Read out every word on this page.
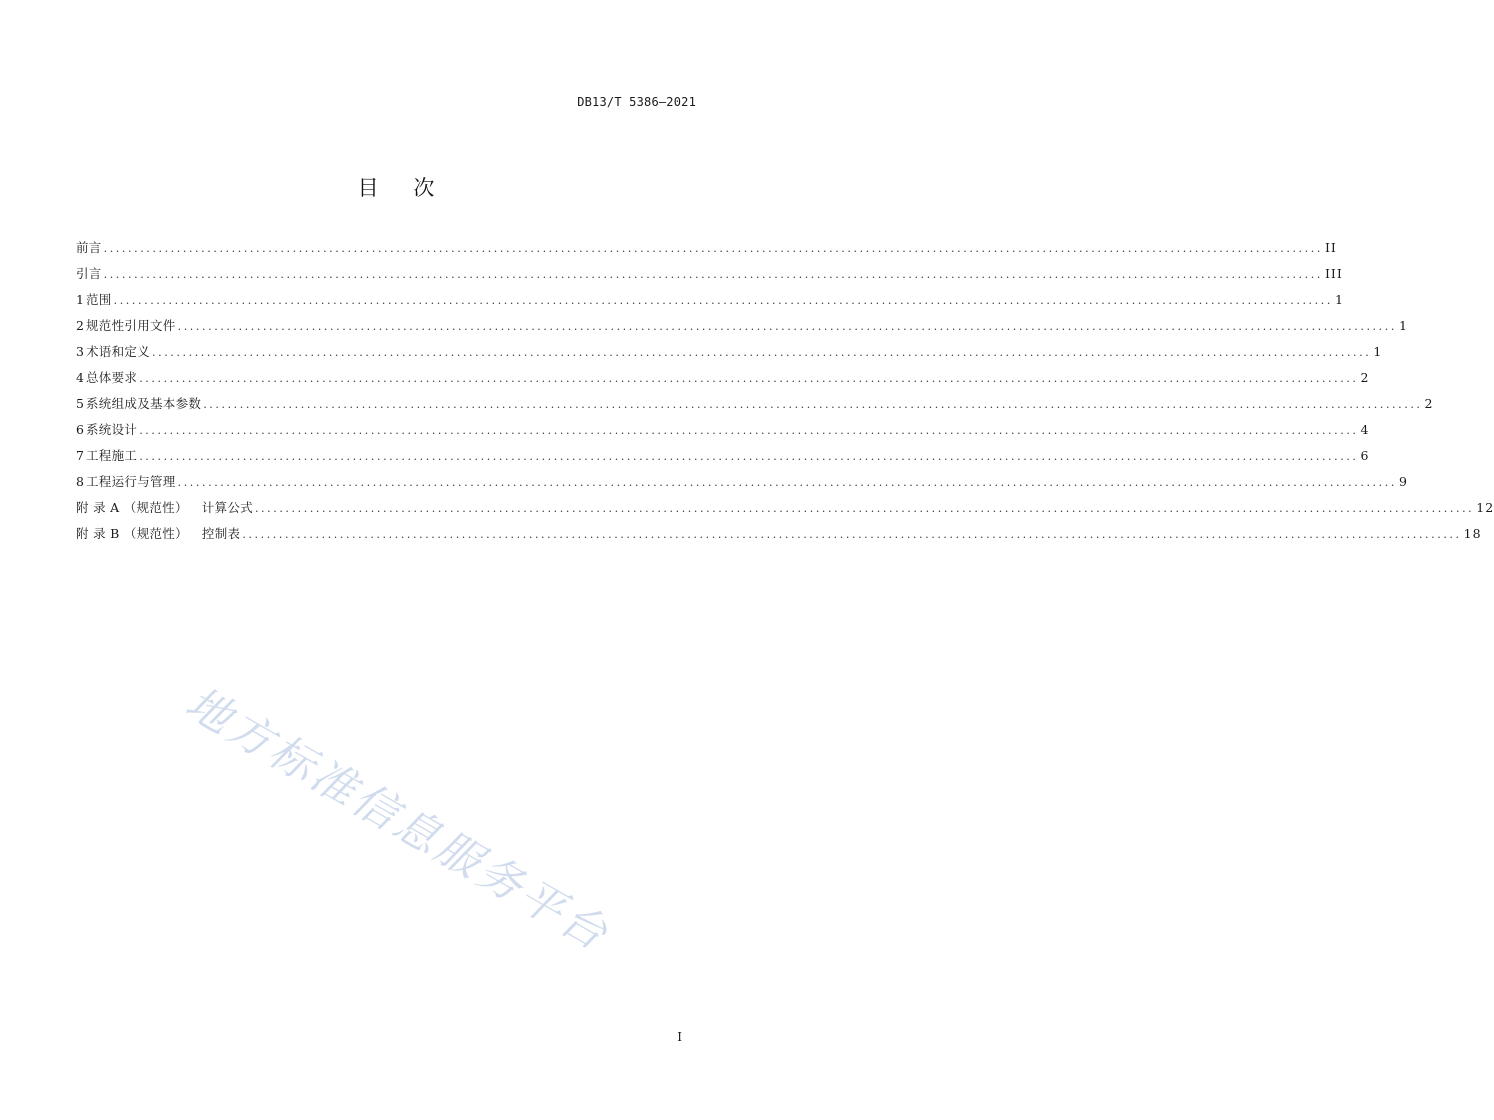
DB13/T 5386—2021
目 次
前言 ........................................................................................................................................................................................................ II
引言 ........................................................................................................................................................................................................ III
1 范围 ........................................................................................................................................................................................................ 1
2 规范性引用文件 ........................................................................................................................................................................................................ 1
3 术语和定义 ........................................................................................................................................................................................................ 1
4 总体要求 ........................................................................................................................................................................................................ 2
5 系统组成及基本参数 ........................................................................................................................................................................................................ 2
6 系统设计 ........................................................................................................................................................................................................ 4
7 工程施工 ........................................................................................................................................................................................................ 6
8 工程运行与管理 ........................................................................................................................................................................................................ 9
附 录 A （规范性） 计算公式 ........................................................................................................................................................................................................ 12
附 录 B （规范性） 控制表 ........................................................................................................................................................................................................ 18
地方标准信息服务平台
I
